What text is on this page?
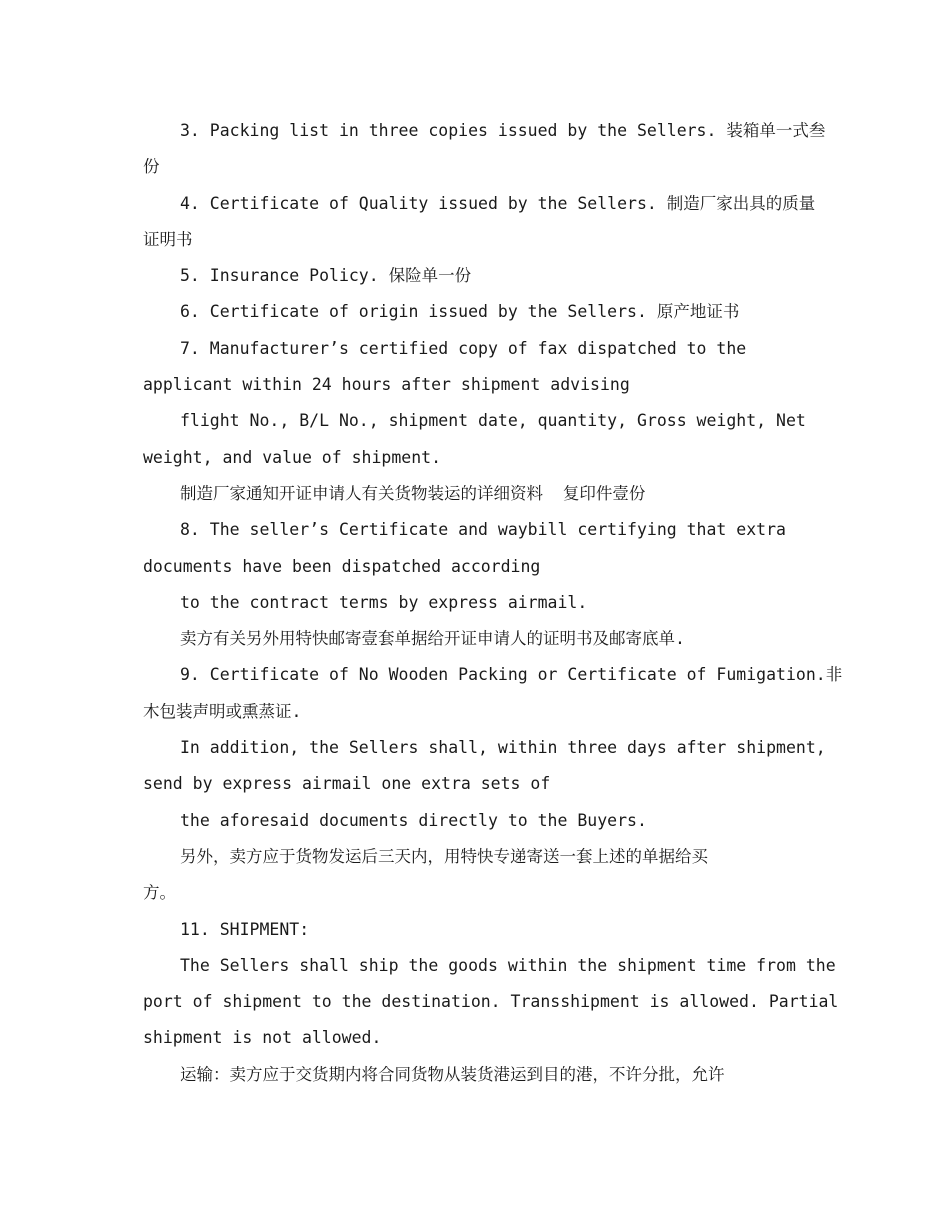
3. Packing list in three copies issued by the Sellers. 装箱单一式叁
份
4. Certificate of Quality issued by the Sellers. 制造厂家出具的质量
证明书
5. Insurance Policy. 保险单一份
6. Certificate of origin issued by the Sellers. 原产地证书
7. Manufacturer’s certified copy of fax dispatched to the
applicant within 24 hours after shipment advising
flight No., B/L No., shipment date, quantity, Gross weight, Net
weight, and value of shipment.
制造厂家通知开证申请人有关货物装运的详细资料  复印件壹份
8. The seller’s Certificate and waybill certifying that extra
documents have been dispatched according
to the contract terms by express airmail.
卖方有关另外用特快邮寄壹套单据给开证申请人的证明书及邮寄底单.
9. Certificate of No Wooden Packing or Certificate of Fumigation.非
木包装声明或熏蒸证.
In addition, the Sellers shall, within three days after shipment,
send by express airmail one extra sets of
the aforesaid documents directly to the Buyers.
另外，卖方应于货物发运后三天内，用特快专递寄送一套上述的单据给买
方。
11. SHIPMENT:
The Sellers shall ship the goods within the shipment time from the
port of shipment to the destination. Transshipment is allowed. Partial
shipment is not allowed.
运输：卖方应于交货期内将合同货物从装货港运到目的港，不许分批，允许
